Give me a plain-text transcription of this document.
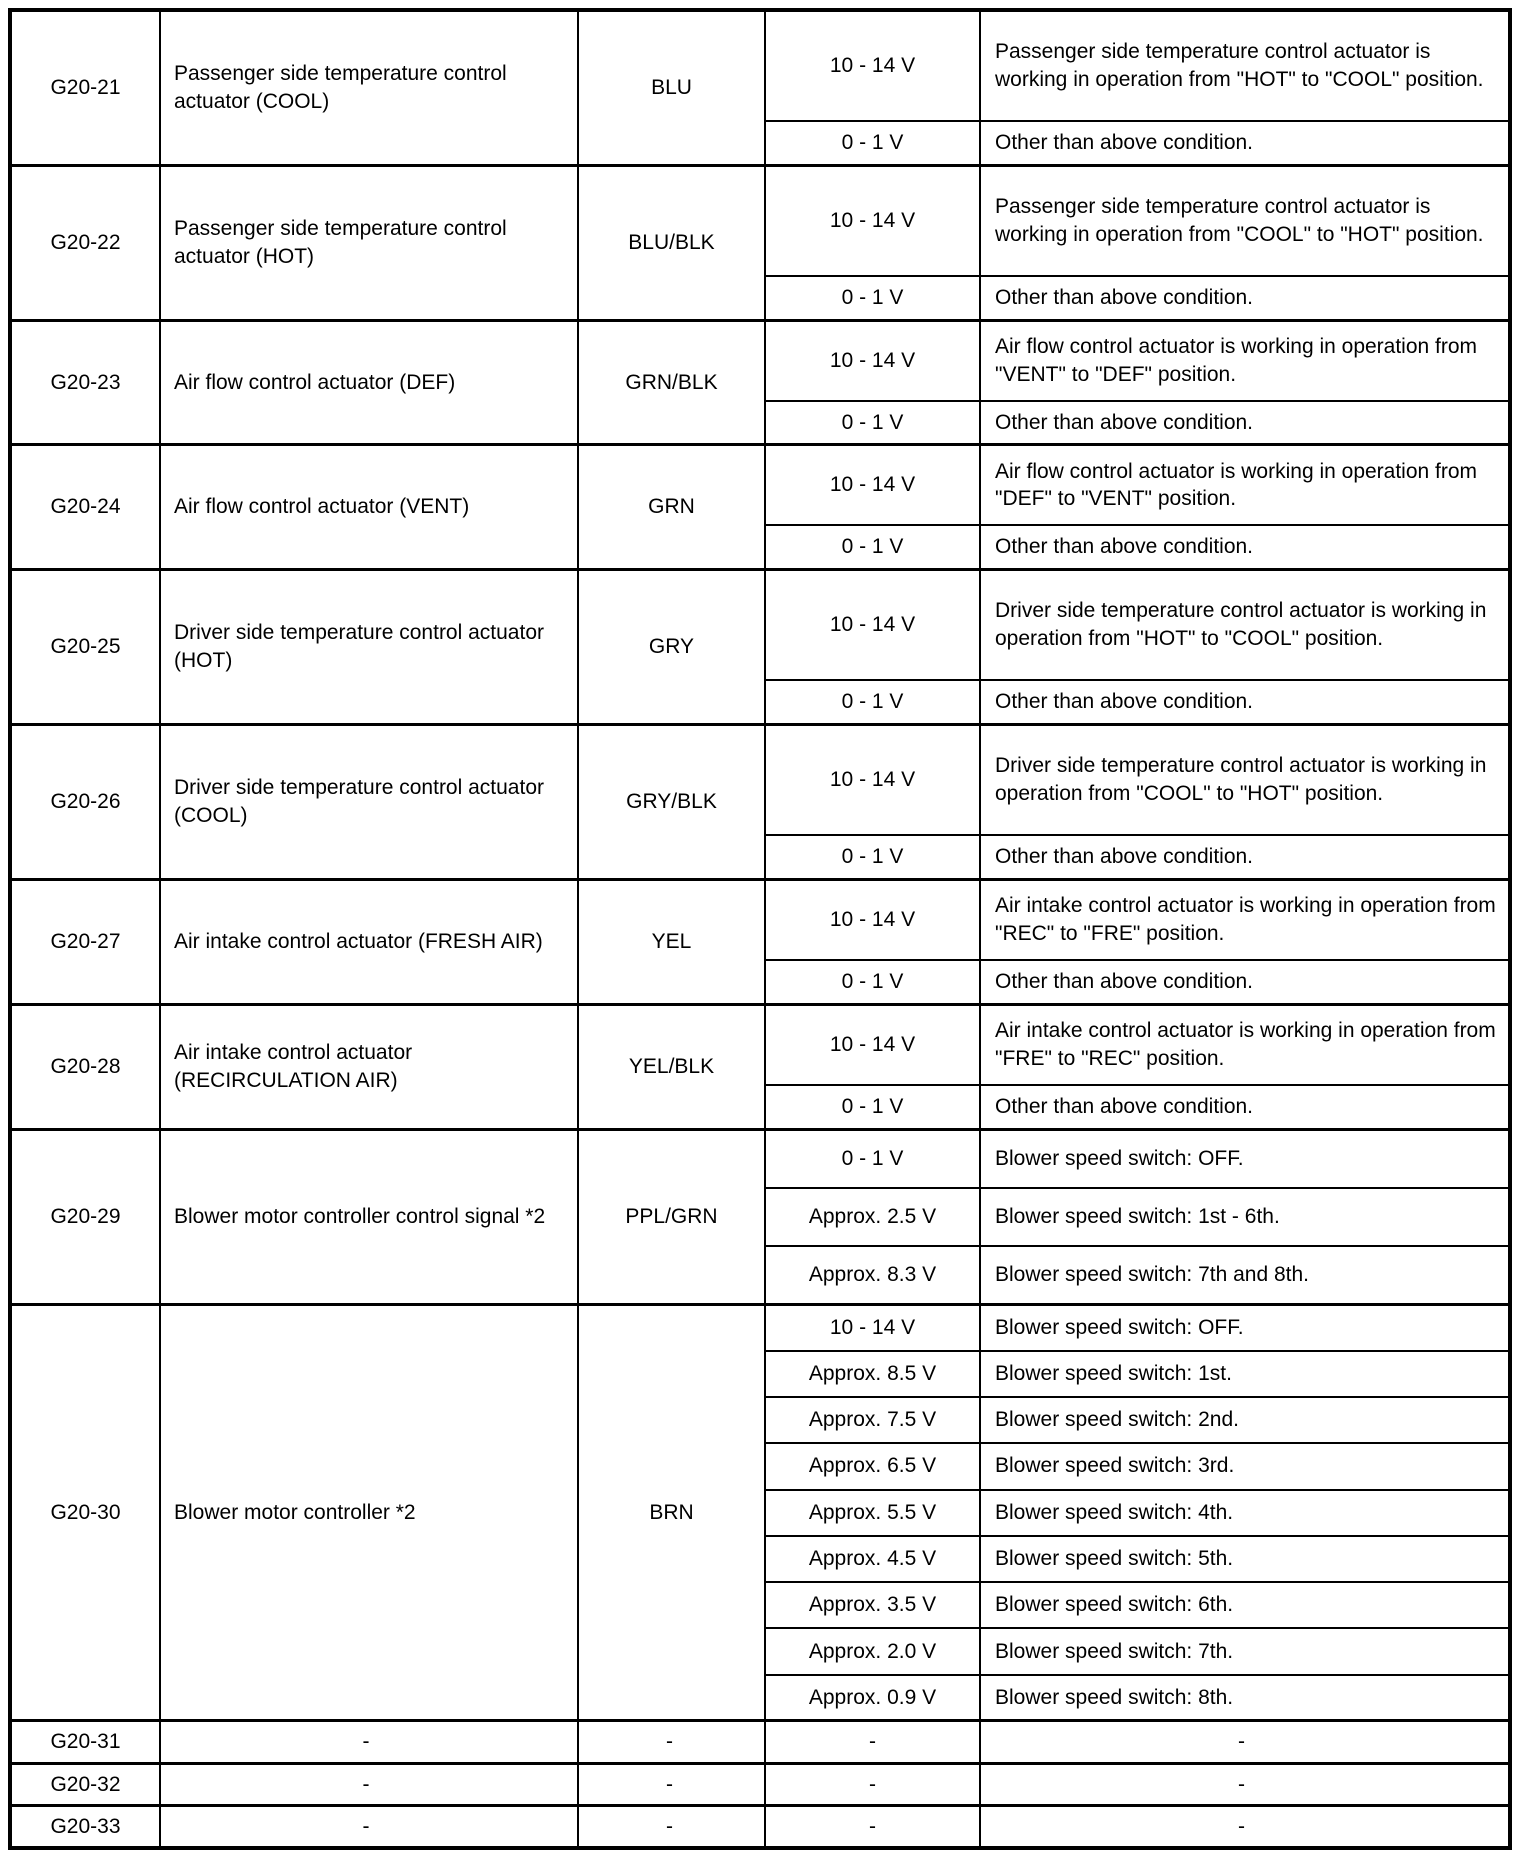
G20-21	Passenger side temperature control actuator (COOL)	BLU	10 - 14 V	Passenger side temperature control actuator is working in operation from "HOT" to "COOL" position.
			0 - 1 V	Other than above condition.
G20-22	Passenger side temperature control actuator (HOT)	BLU/BLK	10 - 14 V	Passenger side temperature control actuator is working in operation from "COOL" to "HOT" position.
			0 - 1 V	Other than above condition.
G20-23	Air flow control actuator (DEF)	GRN/BLK	10 - 14 V	Air flow control actuator is working in operation from "VENT" to "DEF" position.
			0 - 1 V	Other than above condition.
G20-24	Air flow control actuator (VENT)	GRN	10 - 14 V	Air flow control actuator is working in operation from "DEF" to "VENT" position.
			0 - 1 V	Other than above condition.
G20-25	Driver side temperature control actuator (HOT)	GRY	10 - 14 V	Driver side temperature control actuator is working in operation from "HOT" to "COOL" position.
			0 - 1 V	Other than above condition.
G20-26	Driver side temperature control actuator (COOL)	GRY/BLK	10 - 14 V	Driver side temperature control actuator is working in operation from "COOL" to "HOT" position.
			0 - 1 V	Other than above condition.
G20-27	Air intake control actuator (FRESH AIR)	YEL	10 - 14 V	Air intake control actuator is working in operation from "REC" to "FRE" position.
			0 - 1 V	Other than above condition.
G20-28	Air intake control actuator (RECIRCULATION AIR)	YEL/BLK	10 - 14 V	Air intake control actuator is working in operation from "FRE" to "REC" position.
			0 - 1 V	Other than above condition.
G20-29	Blower motor controller control signal *2	PPL/GRN	0 - 1 V	Blower speed switch: OFF.
			Approx. 2.5 V	Blower speed switch: 1st - 6th.
			Approx. 8.3 V	Blower speed switch: 7th and 8th.
G20-30	Blower motor controller *2	BRN	10 - 14 V	Blower speed switch: OFF.
			Approx. 8.5 V	Blower speed switch: 1st.
			Approx. 7.5 V	Blower speed switch: 2nd.
			Approx. 6.5 V	Blower speed switch: 3rd.
			Approx. 5.5 V	Blower speed switch: 4th.
			Approx. 4.5 V	Blower speed switch: 5th.
			Approx. 3.5 V	Blower speed switch: 6th.
			Approx. 2.0 V	Blower speed switch: 7th.
			Approx. 0.9 V	Blower speed switch: 8th.
G20-31	-	-	-	-
G20-32	-	-	-	-
G20-33	-	-	-	-
